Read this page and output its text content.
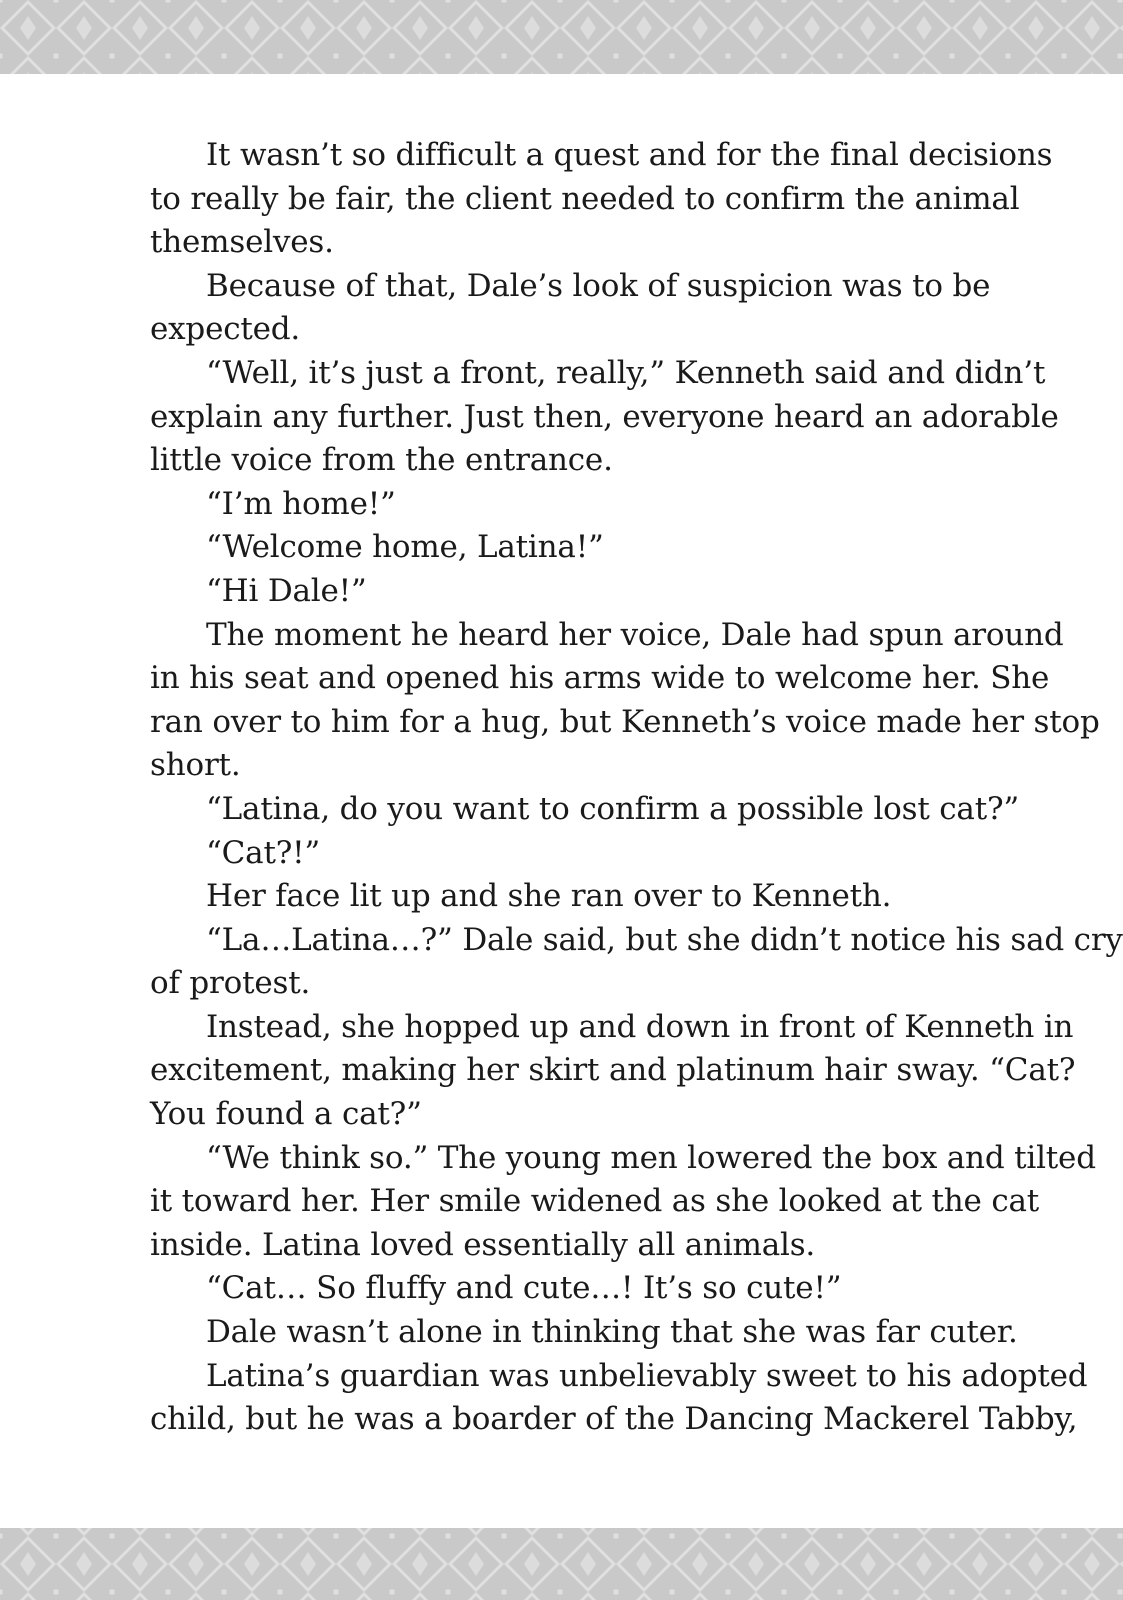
It wasn’t so difficult a quest and for the final decisions
to really be fair, the client needed to confirm the animal
themselves.
Because of that, Dale’s look of suspicion was to be
expected.
“Well, it’s just a front, really,” Kenneth said and didn’t
explain any further. Just then, everyone heard an adorable
little voice from the entrance.
“I’m home!”
“Welcome home, Latina!”
“Hi Dale!”
The moment he heard her voice, Dale had spun around
in his seat and opened his arms wide to welcome her. She
ran over to him for a hug, but Kenneth’s voice made her stop
short.
“Latina, do you want to confirm a possible lost cat?”
“Cat?!”
Her face lit up and she ran over to Kenneth.
“La…Latina…?” Dale said, but she didn’t notice his sad cry
of protest.
Instead, she hopped up and down in front of Kenneth in
excitement, making her skirt and platinum hair sway. “Cat?
You found a cat?”
“We think so.” The young men lowered the box and tilted
it toward her. Her smile widened as she looked at the cat
inside. Latina loved essentially all animals.
“Cat… So fluffy and cute…! It’s so cute!”
Dale wasn’t alone in thinking that she was far cuter.
Latina’s guardian was unbelievably sweet to his adopted
child, but he was a boarder of the Dancing Mackerel Tabby,
